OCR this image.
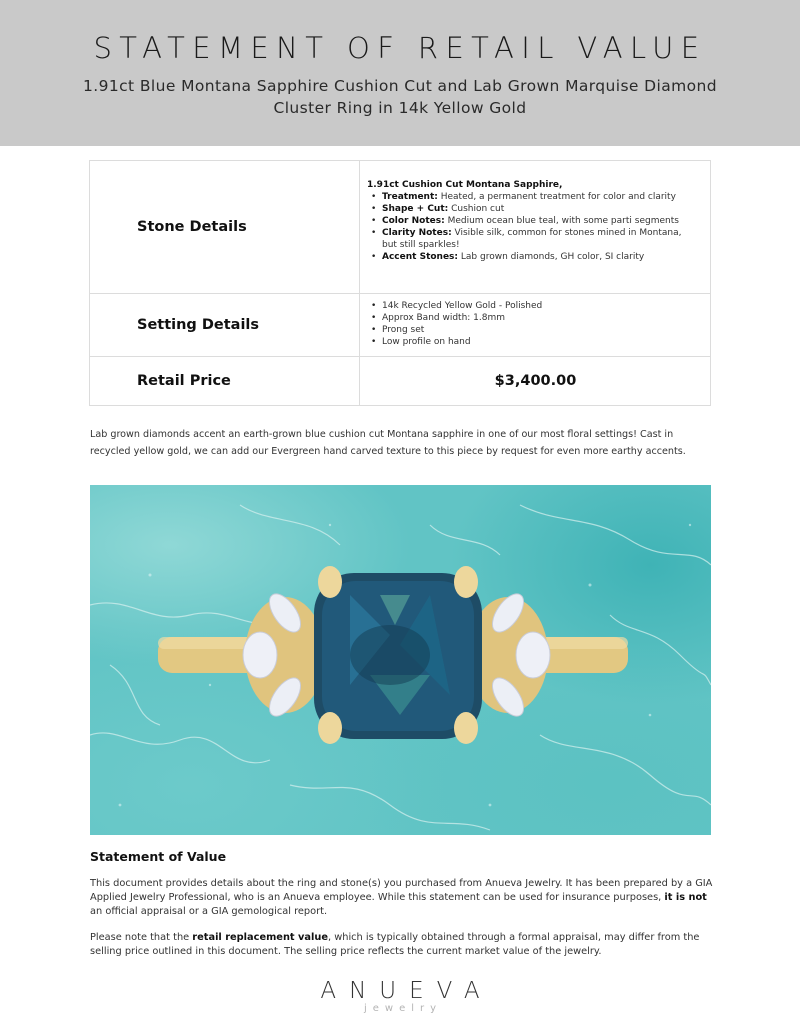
STATEMENT OF RETAIL VALUE
1.91ct Blue Montana Sapphire Cushion Cut and Lab Grown Marquise Diamond Cluster Ring in 14k Yellow Gold
Stone Details
1.91ct Cushion Cut Montana Sapphire,
• Treatment: Heated, a permanent treatment for color and clarity
• Shape + Cut: Cushion cut
• Color Notes: Medium ocean blue teal, with some parti segments
• Clarity Notes: Visible silk, common for stones mined in Montana, but still sparkles!
• Accent Stones: Lab grown diamonds, GH color, SI clarity
Setting Details
• 14k Recycled Yellow Gold - Polished
• Approx Band width: 1.8mm
• Prong set
• Low profile on hand
Retail Price	$3,400.00
Lab grown diamonds accent an earth-grown blue cushion cut Montana sapphire in one of our most floral settings! Cast in recycled yellow gold, we can add our Evergreen hand carved texture to this piece by request for even more earthy accents.
Statement of Value

This document provides details about the ring and stone(s) you purchased from Anueva Jewelry. It has been prepared by a GIA Applied Jewelry Professional, who is an Anueva employee. While this statement can be used for insurance purposes, it is not an official appraisal or a GIA gemological report.

Please note that the retail replacement value, which is typically obtained through a formal appraisal, may differ from the selling price outlined in this document. The selling price reflects the current market value of the jewelry.

ANUEVA
jewelry
